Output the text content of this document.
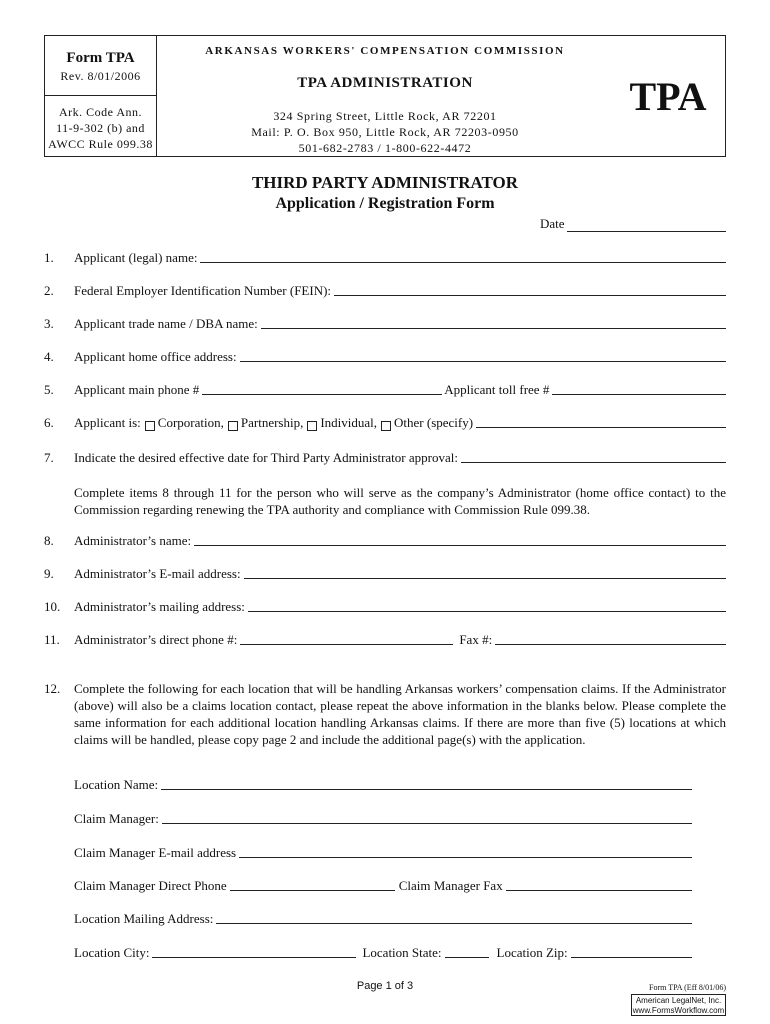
Form TPA
Rev. 8/01/2006
Ark. Code Ann.
11-9-302 (b) and
AWCC Rule 099.38
ARKANSAS WORKERS' COMPENSATION COMMISSION
TPA ADMINISTRATION
324 Spring Street, Little Rock, AR 72201
Mail: P. O. Box 950, Little Rock, AR 72203-0950
501-682-2783 / 1-800-622-4472
TPA
THIRD PARTY ADMINISTRATOR
Application / Registration Form
Date
1.	Applicant (legal) name:
2.	Federal Employer Identification Number (FEIN):
3.	Applicant trade name / DBA name:
4.	Applicant home office address:
5.	Applicant main phone #	Applicant toll free #
6.	Applicant is: Corporation, Partnership, Individual, Other (specify)
7.	Indicate the desired effective date for Third Party Administrator approval:
Complete items 8 through 11 for the person who will serve as the company’s Administrator (home office contact) to the Commission regarding renewing the TPA authority and compliance with Commission Rule 099.38.
8.	Administrator’s name:
9.	Administrator’s E-mail address:
10.	Administrator’s mailing address:
11.	Administrator’s direct phone #:	Fax #:
12.	Complete the following for each location that will be handling Arkansas workers’ compensation claims. If the Administrator (above) will also be a claims location contact, please repeat the above information in the blanks below. Please complete the same information for each additional location handling Arkansas claims. If there are more than five (5) locations at which claims will be handled, please copy page 2 and include the additional page(s) with the application.
Location Name:
Claim Manager:
Claim Manager E-mail address
Claim Manager Direct Phone	Claim Manager Fax
Location Mailing Address:
Location City:	Location State:	Location Zip:
Page 1 of 3	Form TPA (Eff 8/01/06)
American LegalNet, Inc.
www.FormsWorkflow.com
